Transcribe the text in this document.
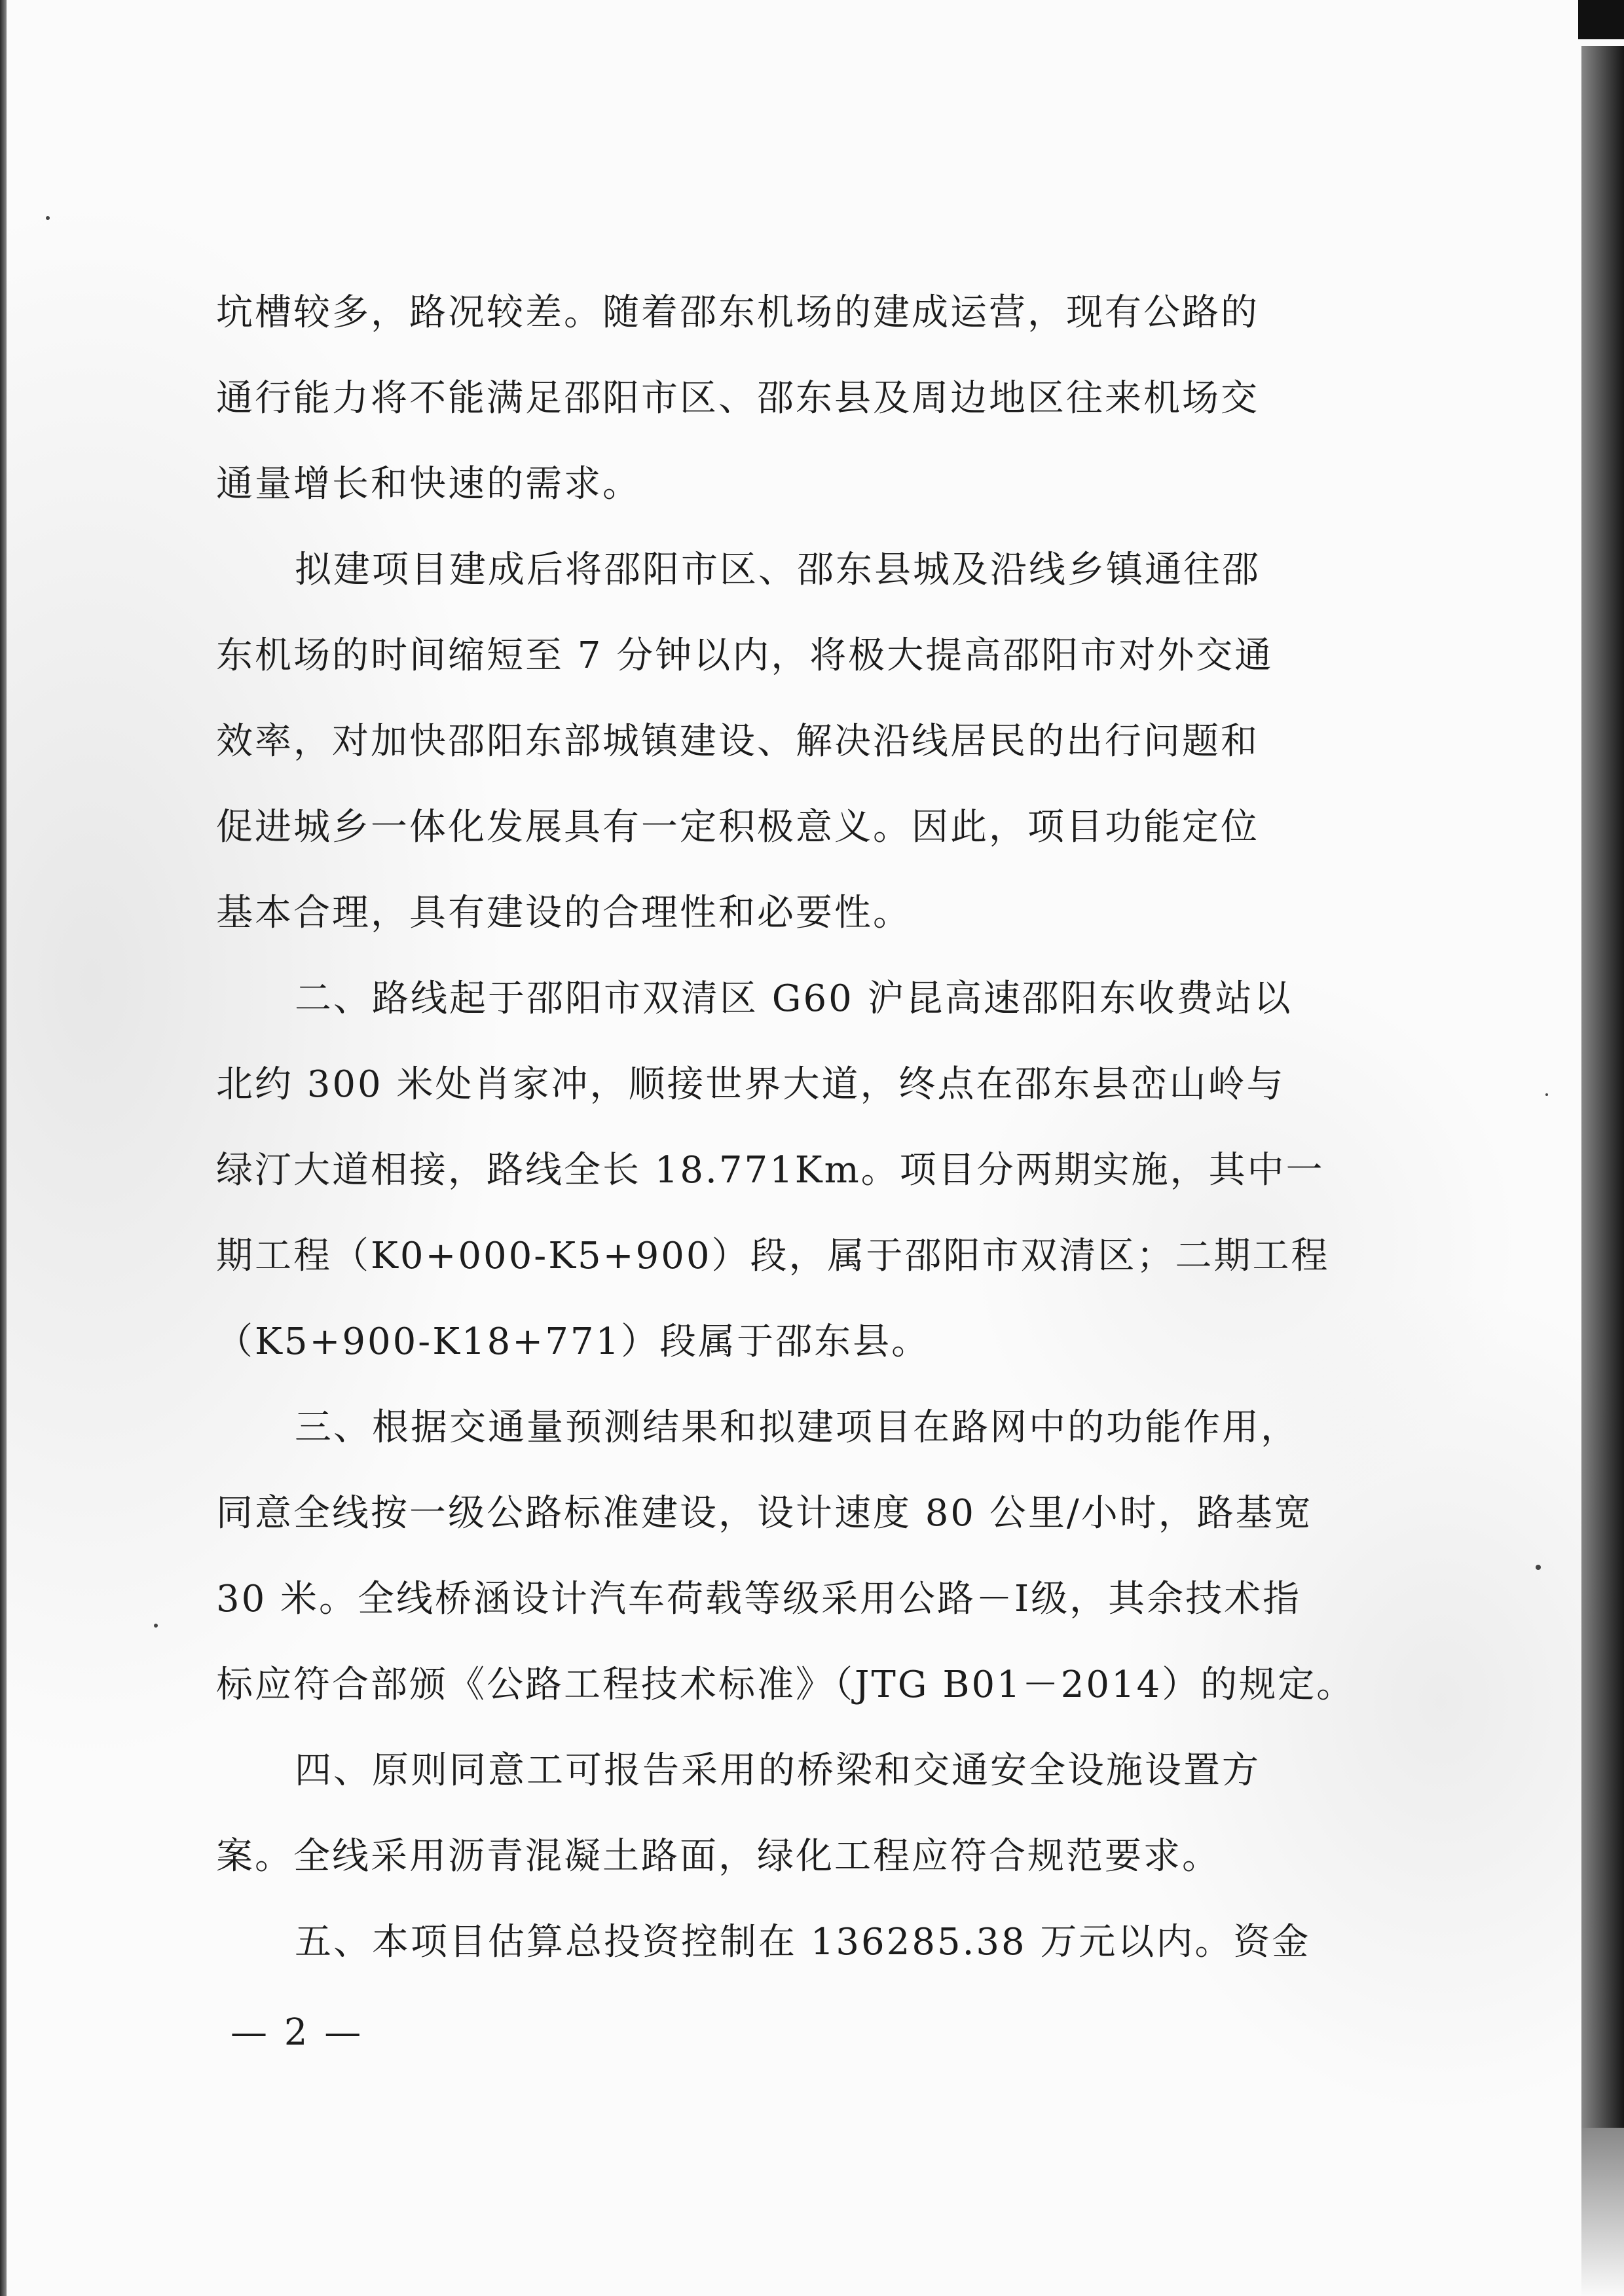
坑槽较多，路况较差。随着邵东机场的建成运营，现有公路的
通行能力将不能满足邵阳市区、邵东县及周边地区往来机场交
通量增长和快速的需求。
拟建项目建成后将邵阳市区、邵东县城及沿线乡镇通往邵
东机场的时间缩短至 7 分钟以内，将极大提高邵阳市对外交通
效率，对加快邵阳东部城镇建设、解决沿线居民的出行问题和
促进城乡一体化发展具有一定积极意义。因此，项目功能定位
基本合理，具有建设的合理性和必要性。
二、路线起于邵阳市双清区 G60 沪昆高速邵阳东收费站以
北约 300 米处肖家冲，顺接世界大道，终点在邵东县峦山岭与
绿汀大道相接，路线全长 18.771Km。项目分两期实施，其中一
期工程（K0+000-K5+900）段，属于邵阳市双清区；二期工程
（K5+900-K18+771）段属于邵东县。
三、根据交通量预测结果和拟建项目在路网中的功能作用，
同意全线按一级公路标准建设，设计速度 80 公里/小时，路基宽
30 米。全线桥涵设计汽车荷载等级采用公路－Ⅰ级，其余技术指
标应符合部颁《公路工程技术标准》（JTG B01－2014）的规定。
四、原则同意工可报告采用的桥梁和交通安全设施设置方
案。全线采用沥青混凝土路面，绿化工程应符合规范要求。
五、本项目估算总投资控制在 136285.38 万元以内。资金
— 2 —
